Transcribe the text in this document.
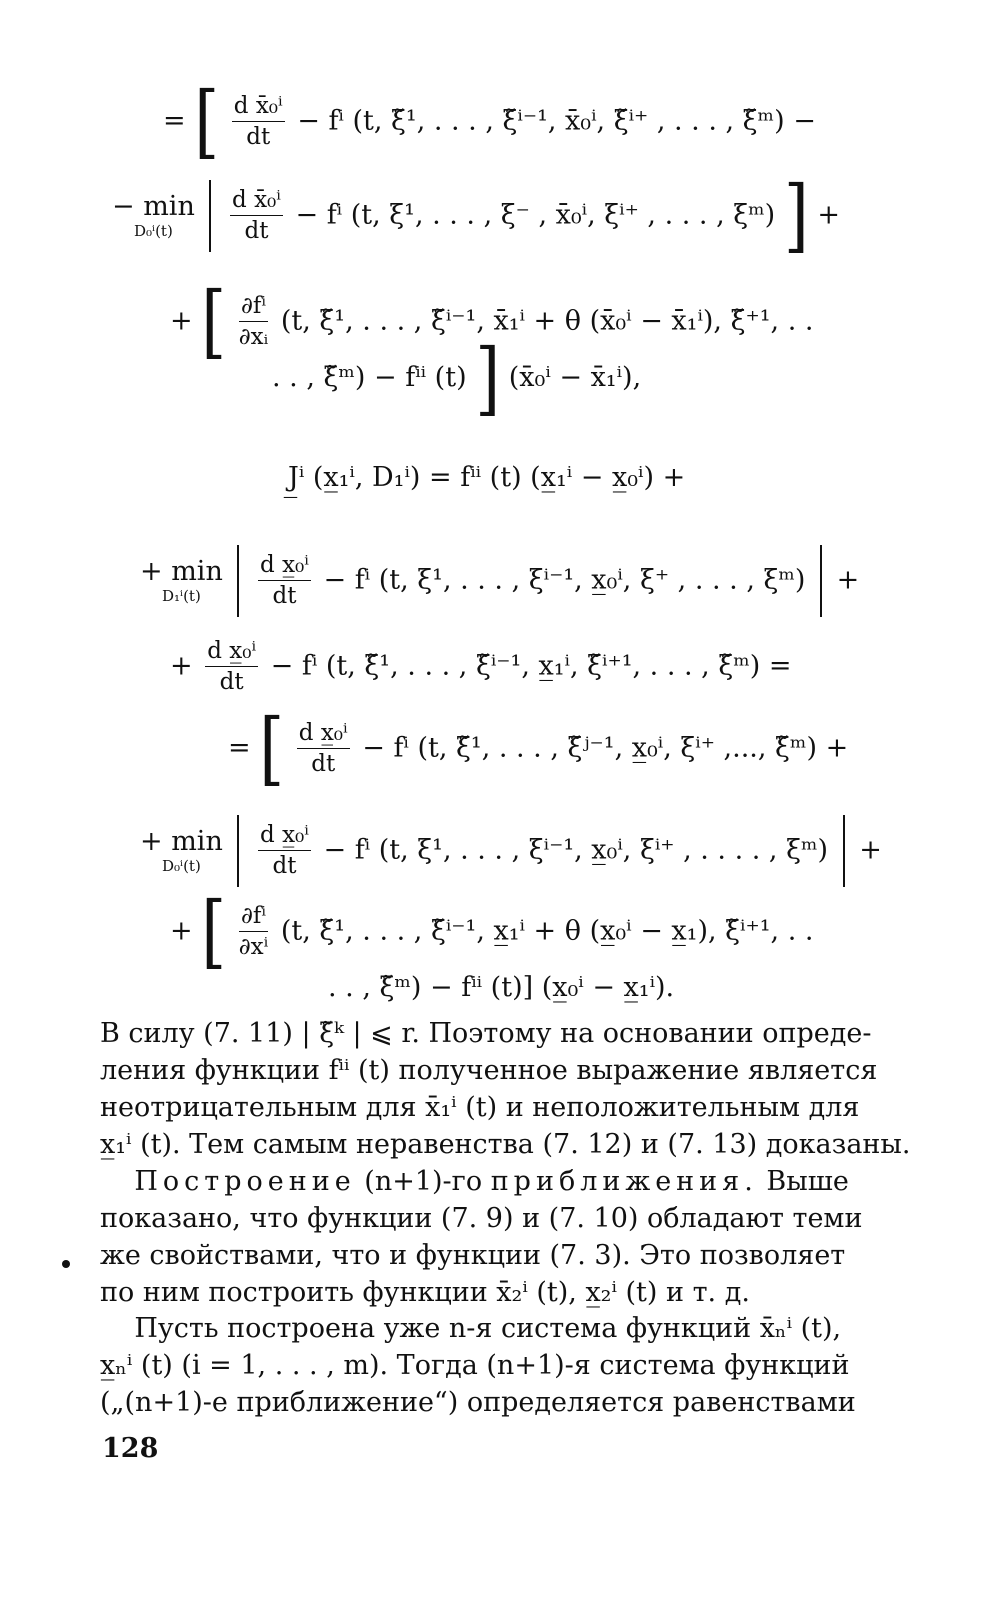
= [ $\frac{\text{d x̄₀ⁱ}}{dt} - f^i$ (t, ξ̃¹, . . . , ξ̃ⁱ⁻¹, x̄₀ⁱ, ξ̃ⁱ⁺ , . . . , ξ̃ᵐ) −
− min
D₀ⁱ(t)
	$\frac{\text{d x̄₀ⁱ}}{dt} - f^i$ (t, ξ¹, . . . , ξ⁻ , x̄₀ⁱ, ξⁱ⁺ , . . . , ξᵐ) ] +
+ [ $\frac{\text{∂fⁱ}}{\text{∂xᵢ}} (t$, ξ̃¹, . . . , ξ̃ⁱ⁻¹, x̄₁ⁱ + θ (x̄₀ⁱ − x̄₁ⁱ), ξ̃⁺¹, . .
. . , ξ̃ᵐ) − fⁱⁱ (t) ] (x̄₀ⁱ − x̄₁ⁱ),
J̲ⁱ (x̲₁ⁱ, D₁ⁱ) = fⁱⁱ (t) (x̲₁ⁱ − x̲₀ⁱ) +
+ min
D₁ⁱ(t)
	$\frac{\text{d x̲₀ⁱ}}{dt} - f^i$ (t, ξ¹, . . . , ξⁱ⁻¹, x̲₀ⁱ, ξ⁺ , . . . , ξᵐ) +
+ $\frac{\text{d x̲₀ⁱ}}{dt} - f^i$ (t, ξ̃¹, . . . , ξ̃ⁱ⁻¹, x̲₁ⁱ, ξ̃ⁱ⁺¹, . . . , ξ̃ᵐ) =
= [ $\frac{\text{d x̲₀ⁱ}}{dt} - f^i$ (t, ξ̃¹, . . . , ξ̃ʲ⁻¹, x̲₀ⁱ, ξⁱ⁺ ,..., ξ̃ᵐ) +
+ min
D₀ⁱ(t)
	$\frac{\text{d x̲₀ⁱ}}{dt} - f^i$ (t, ξ¹, . . . , ξⁱ⁻¹, x̲₀ⁱ, ξⁱ⁺ , . . . . , ξᵐ) +
+ [ $\frac{\text{∂fⁱ}}{\text{∂xⁱ}} (t$, ξ̃¹, . . . , ξ̃ⁱ⁻¹, x̲₁ⁱ + θ (x̲₀ⁱ − x̲₁), ξ̃ⁱ⁺¹, . .
. . , ξ̃ᵐ) − fⁱⁱ (t)] (x̲₀ⁱ − x̲₁ⁱ).
В силу (7. 11) | ξ̃ᵏ | ⩽ r. Поэтому на основании опреде-
ления функции fⁱⁱ (t) полученное выражение является
неотрицательным для x̄₁ⁱ (t) и неположительным для
x̲₁ⁱ (t). Тем самым неравенства (7. 12) и (7. 13) доказаны.
Построение (n+1)-го приближения. Выше
показано, что функции (7. 9) и (7. 10) обладают теми
же свойствами, что и функции (7. 3). Это позволяет
по ним построить функции x̄₂ⁱ (t), x̲₂ⁱ (t) и т. д.
Пусть построена уже n-я система функций x̄ₙⁱ (t),
x̲ₙⁱ (t) (i = 1, . . . , m). Тогда (n+1)-я система функций
(„(n+1)-е приближение“) определяется равенствами
128
